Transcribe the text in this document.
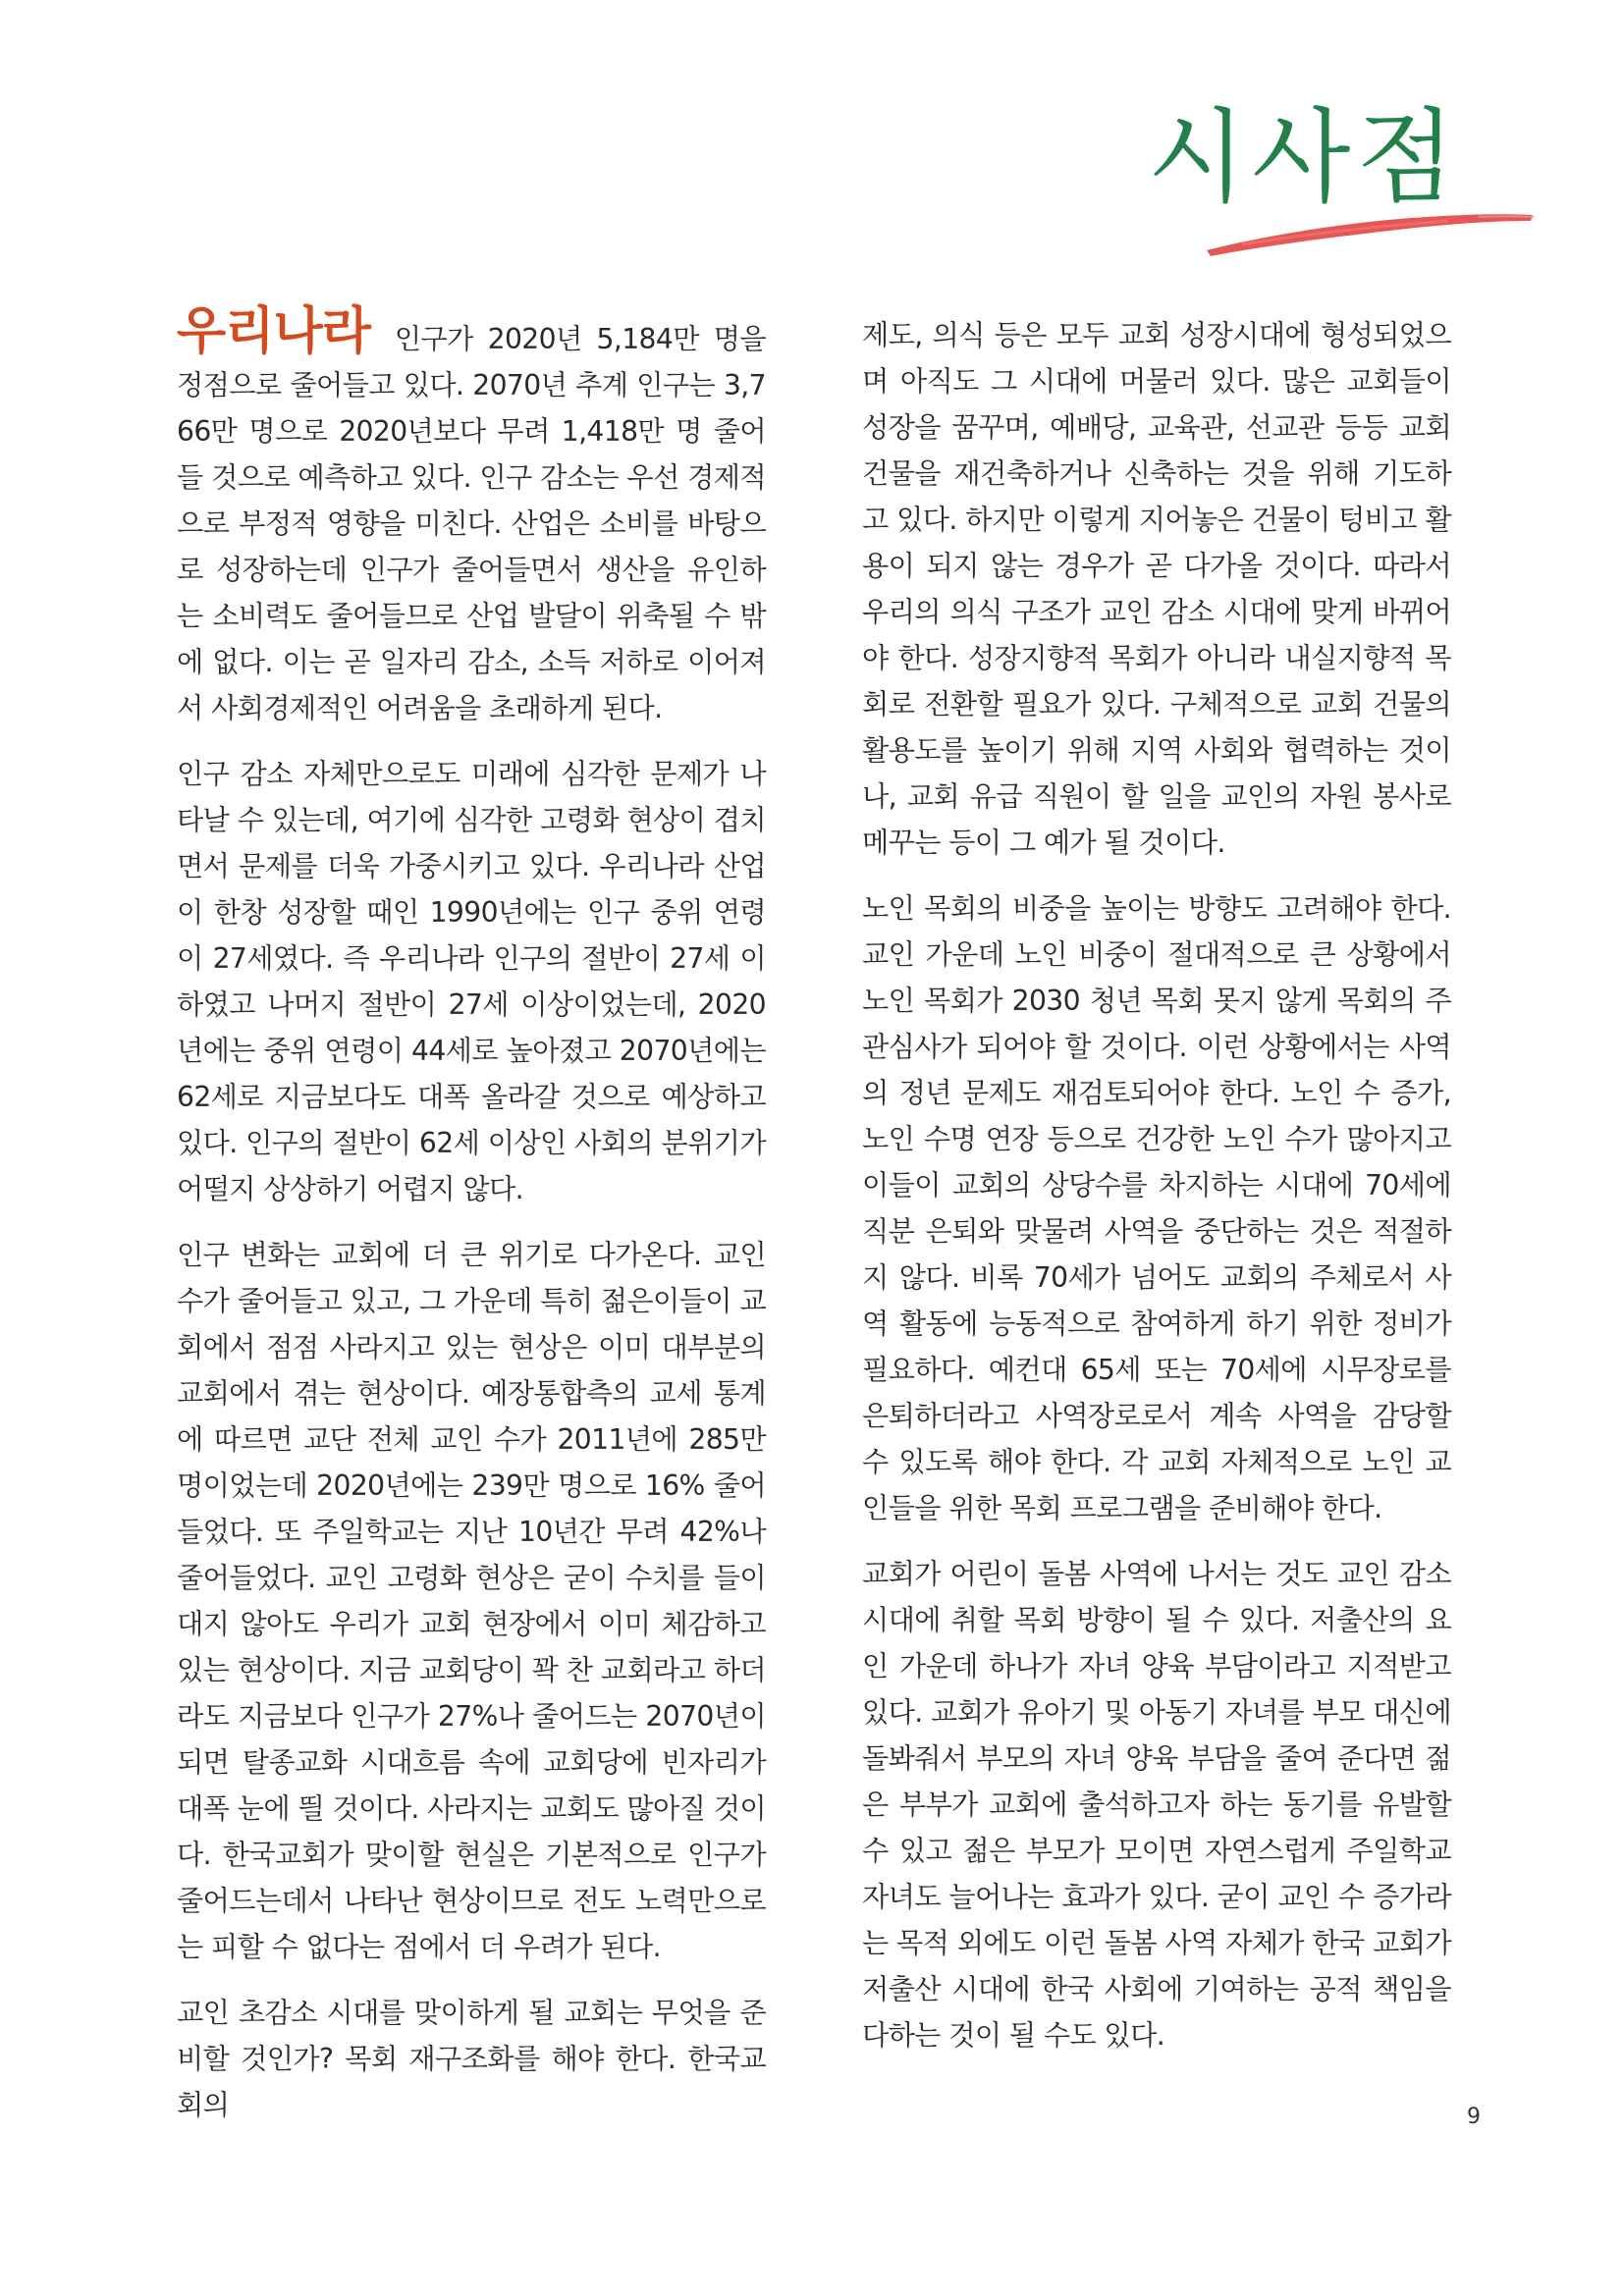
시사점

우리나라 인구가 2020년 5,184만 명을 정점으로 줄어들고 있다. 2070년 추계 인구는 3,766만 명으로 2020년보다 무려 1,418만 명 줄어들 것으로 예측하고 있다. 인구 감소는 우선 경제적으로 부정적 영향을 미친다. 산업은 소비를 바탕으로 성장하는데 인구가 줄어들면서 생산을 유인하는 소비력도 줄어들므로 산업 발달이 위축될 수 밖에 없다. 이는 곧 일자리 감소, 소득 저하로 이어져서 사회경제적인 어려움을 초래하게 된다.

인구 감소 자체만으로도 미래에 심각한 문제가 나타날 수 있는데, 여기에 심각한 고령화 현상이 겹치면서 문제를 더욱 가중시키고 있다. 우리나라 산업이 한창 성장할 때인 1990년에는 인구 중위 연령이 27세였다. 즉 우리나라 인구의 절반이 27세 이하였고 나머지 절반이 27세 이상이었는데, 2020년에는 중위 연령이 44세로 높아졌고 2070년에는 62세로 지금보다도 대폭 올라갈 것으로 예상하고 있다. 인구의 절반이 62세 이상인 사회의 분위기가 어떨지 상상하기 어렵지 않다.

인구 변화는 교회에 더 큰 위기로 다가온다. 교인 수가 줄어들고 있고, 그 가운데 특히 젊은이들이 교회에서 점점 사라지고 있는 현상은 이미 대부분의 교회에서 겪는 현상이다. 예장통합측의 교세 통계에 따르면 교단 전체 교인 수가 2011년에 285만 명이었는데 2020년에는 239만 명으로 16% 줄어들었다. 또 주일학교는 지난 10년간 무려 42%나 줄어들었다. 교인 고령화 현상은 굳이 수치를 들이대지 않아도 우리가 교회 현장에서 이미 체감하고 있는 현상이다. 지금 교회당이 꽉 찬 교회라고 하더라도 지금보다 인구가 27%나 줄어드는 2070년이 되면 탈종교화 시대흐름 속에 교회당에 빈자리가 대폭 눈에 띌 것이다. 사라지는 교회도 많아질 것이다. 한국교회가 맞이할 현실은 기본적으로 인구가 줄어드는데서 나타난 현상이므로 전도 노력만으로는 피할 수 없다는 점에서 더 우려가 된다.

교인 초감소 시대를 맞이하게 될 교회는 무엇을 준비할 것인가? 목회 재구조화를 해야 한다. 한국교회의

제도, 의식 등은 모두 교회 성장시대에 형성되었으며 아직도 그 시대에 머물러 있다. 많은 교회들이 성장을 꿈꾸며, 예배당, 교육관, 선교관 등등 교회 건물을 재건축하거나 신축하는 것을 위해 기도하고 있다. 하지만 이렇게 지어놓은 건물이 텅비고 활용이 되지 않는 경우가 곧 다가올 것이다. 따라서 우리의 의식 구조가 교인 감소 시대에 맞게 바뀌어야 한다. 성장지향적 목회가 아니라 내실지향적 목회로 전환할 필요가 있다. 구체적으로 교회 건물의 활용도를 높이기 위해 지역 사회와 협력하는 것이나, 교회 유급 직원이 할 일을 교인의 자원 봉사로 메꾸는 등이 그 예가 될 것이다.

노인 목회의 비중을 높이는 방향도 고려해야 한다. 교인 가운데 노인 비중이 절대적으로 큰 상황에서 노인 목회가 2030 청년 목회 못지 않게 목회의 주 관심사가 되어야 할 것이다. 이런 상황에서는 사역의 정년 문제도 재검토되어야 한다. 노인 수 증가, 노인 수명 연장 등으로 건강한 노인 수가 많아지고 이들이 교회의 상당수를 차지하는 시대에 70세에 직분 은퇴와 맞물려 사역을 중단하는 것은 적절하지 않다. 비록 70세가 넘어도 교회의 주체로서 사역 활동에 능동적으로 참여하게 하기 위한 정비가 필요하다. 예컨대 65세 또는 70세에 시무장로를 은퇴하더라고 사역장로로서 계속 사역을 감당할 수 있도록 해야 한다. 각 교회 자체적으로 노인 교인들을 위한 목회 프로그램을 준비해야 한다.

교회가 어린이 돌봄 사역에 나서는 것도 교인 감소 시대에 취할 목회 방향이 될 수 있다. 저출산의 요인 가운데 하나가 자녀 양육 부담이라고 지적받고 있다. 교회가 유아기 및 아동기 자녀를 부모 대신에 돌봐줘서 부모의 자녀 양육 부담을 줄여 준다면 젊은 부부가 교회에 출석하고자 하는 동기를 유발할 수 있고 젊은 부모가 모이면 자연스럽게 주일학교 자녀도 늘어나는 효과가 있다. 굳이 교인 수 증가라는 목적 외에도 이런 돌봄 사역 자체가 한국 교회가 저출산 시대에 한국 사회에 기여하는 공적 책임을 다하는 것이 될 수도 있다.

9
